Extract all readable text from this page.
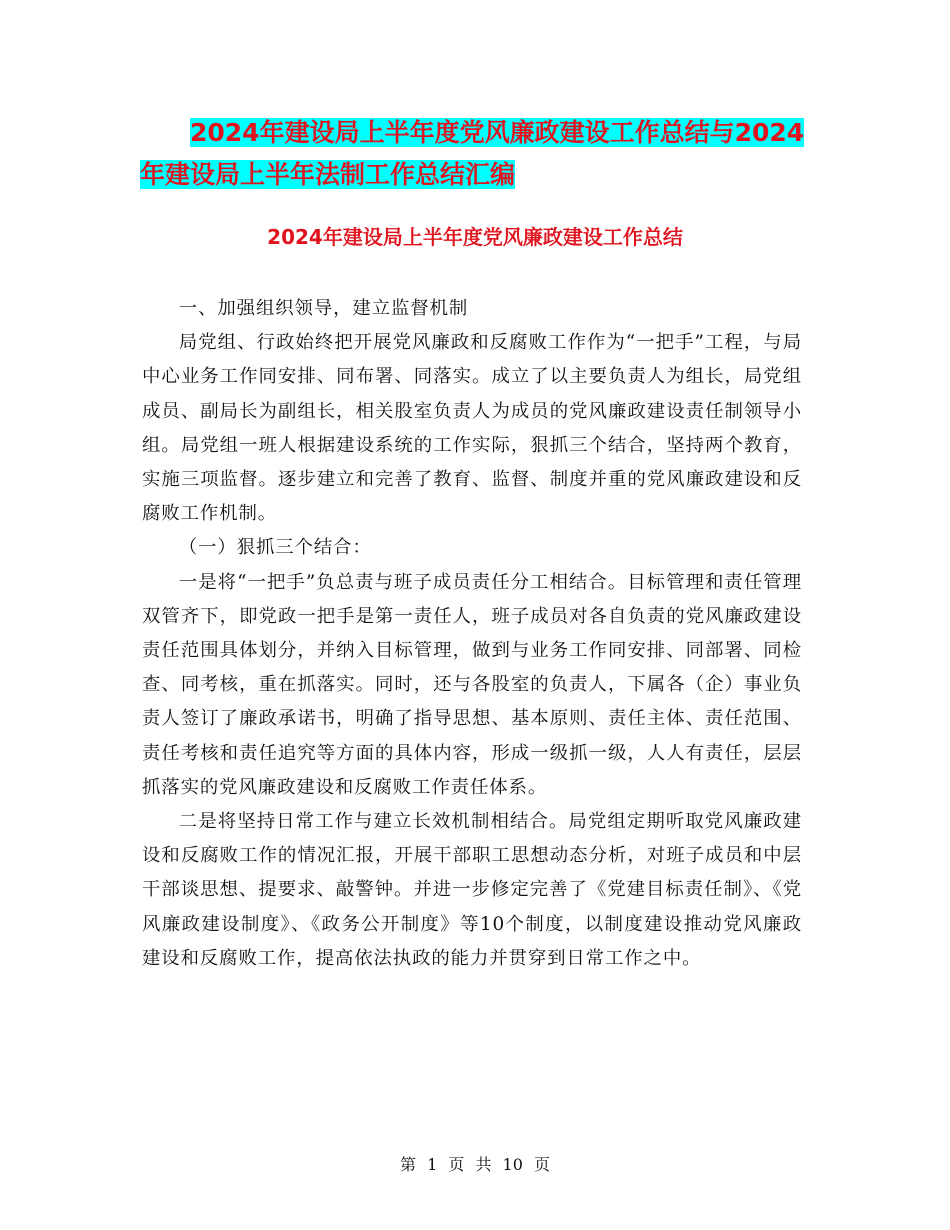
2024年建设局上半年度党风廉政建设工作总结与2024
年建设局上半年法制工作总结汇编
2024年建设局上半年度党风廉政建设工作总结

一、加强组织领导，建立监督机制

局党组、行政始终把开展党风廉政和反腐败工作作为“一把手”工程，与局中心业务工作同安排、同布署、同落实。成立了以主要负责人为组长，局党组成员、副局长为副组长，相关股室负责人为成员的党风廉政建设责任制领导小组。局党组一班人根据建设系统的工作实际，狠抓三个结合，坚持两个教育，实施三项监督。逐步建立和完善了教育、监督、制度并重的党风廉政建设和反腐败工作机制。

（一）狠抓三个结合：

一是将“一把手”负总责与班子成员责任分工相结合。目标管理和责任管理双管齐下，即党政一把手是第一责任人，班子成员对各自负责的党风廉政建设责任范围具体划分，并纳入目标管理，做到与业务工作同安排、同部署、同检查、同考核，重在抓落实。同时，还与各股室的负责人，下属各（企）事业负责人签订了廉政承诺书，明确了指导思想、基本原则、责任主体、责任范围、责任考核和责任追究等方面的具体内容，形成一级抓一级，人人有责任，层层抓落实的党风廉政建设和反腐败工作责任体系。

二是将坚持日常工作与建立长效机制相结合。局党组定期听取党风廉政建设和反腐败工作的情况汇报，开展干部职工思想动态分析，对班子成员和中层干部谈思想、提要求、敲警钟。并进一步修定完善了《党建目标责任制》、《党风廉政建设制度》、《政务公开制度》等10个制度，以制度建设推动党风廉政建设和反腐败工作，提高依法执政的能力并贯穿到日常工作之中。

第 1 页 共 10 页
